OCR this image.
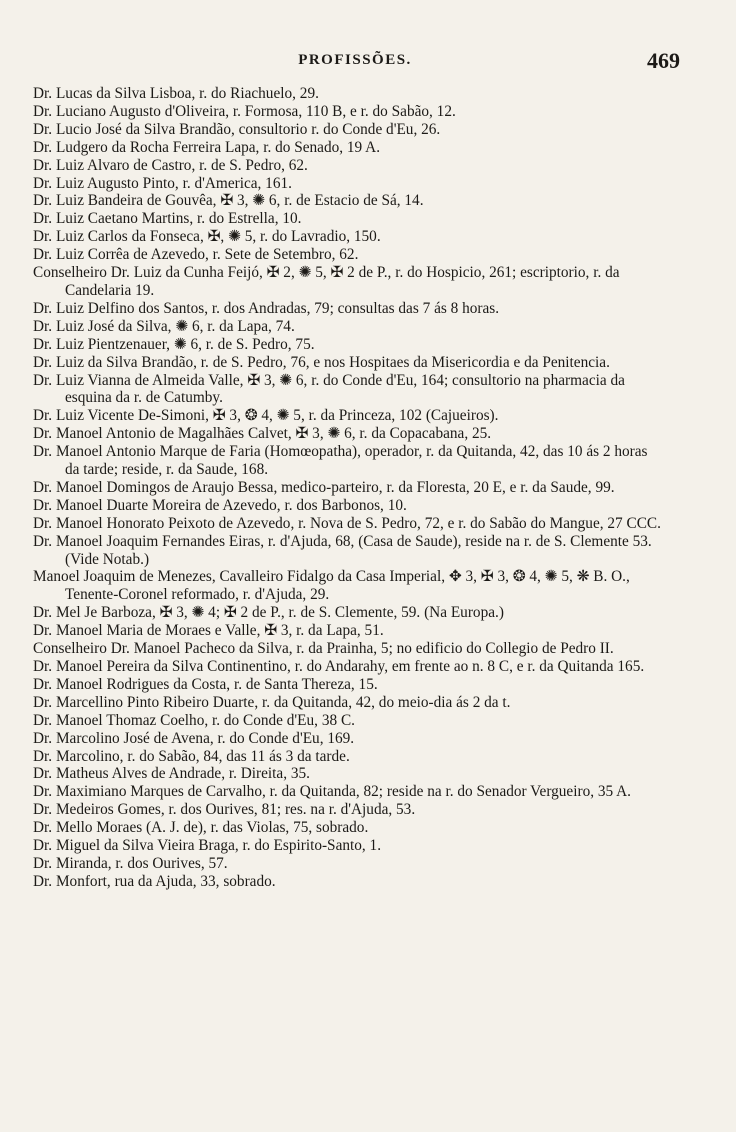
PROFISSÕES.	469
Dr. Lucas da Silva Lisboa, r. do Riachuelo, 29.
Dr. Luciano Augusto d'Oliveira, r. Formosa, 110 B, e r. do Sabão, 12.
Dr. Lucio José da Silva Brandão, consultorio r. do Conde d'Eu, 26.
Dr. Ludgero da Rocha Ferreira Lapa, r. do Senado, 19 A.
Dr. Luiz Alvaro de Castro, r. de S. Pedro, 62.
Dr. Luiz Augusto Pinto, r. d'America, 161.
Dr. Luiz Bandeira de Gouvêa, ✠ 3, ✺ 6, r. de Estacio de Sá, 14.
Dr. Luiz Caetano Martins, r. do Estrella, 10.
Dr. Luiz Carlos da Fonseca, ✠, ✺ 5, r. do Lavradio, 150.
Dr. Luiz Corrêa de Azevedo, r. Sete de Setembro, 62.
Conselheiro Dr. Luiz da Cunha Feijó, ✠ 2, ✺ 5, ✠ 2 de P., r. do Hospicio, 261; escriptorio, r. da Candelaria 19.
Dr. Luiz Delfino dos Santos, r. dos Andradas, 79; consultas das 7 ás 8 horas.
Dr. Luiz José da Silva, ✺ 6, r. da Lapa, 74.
Dr. Luiz Pientzenauer, ✺ 6, r. de S. Pedro, 75.
Dr. Luiz da Silva Brandão, r. de S. Pedro, 76, e nos Hospitaes da Misericordia e da Penitencia.
Dr. Luiz Vianna de Almeida Valle, ✠ 3, ✺ 6, r. do Conde d'Eu, 164; consultorio na pharmacia da esquina da r. de Catumby.
Dr. Luiz Vicente De-Simoni, ✠ 3, ❂ 4, ✺ 5, r. da Princeza, 102 (Cajueiros).
Dr. Manoel Antonio de Magalhães Calvet, ✠ 3, ✺ 6, r. da Copacabana, 25.
Dr. Manoel Antonio Marque de Faria (Homœopatha), operador, r. da Quitanda, 42, das 10 ás 2 horas da tarde; reside, r. da Saude, 168.
Dr. Manoel Domingos de Araujo Bessa, medico-parteiro, r. da Floresta, 20 E, e r. da Saude, 99.
Dr. Manoel Duarte Moreira de Azevedo, r. dos Barbonos, 10.
Dr. Manoel Honorato Peixoto de Azevedo, r. Nova de S. Pedro, 72, e r. do Sabão do Mangue, 27 CCC.
Dr. Manoel Joaquim Fernandes Eiras, r. d'Ajuda, 68, (Casa de Saude), reside na r. de S. Clemente 53. (Vide Notab.)
Manoel Joaquim de Menezes, Cavalleiro Fidalgo da Casa Imperial, ✥ 3, ✠ 3, ❂ 4, ✺ 5, ❋ B. O., Tenente-Coronel reformado, r. d'Ajuda, 29.
Dr. Mel Je Barboza, ✠ 3, ✺ 4; ✠ 2 de P., r. de S. Clemente, 59. (Na Europa.)
Dr. Manoel Maria de Moraes e Valle, ✠ 3, r. da Lapa, 51.
Conselheiro Dr. Manoel Pacheco da Silva, r. da Prainha, 5; no edificio do Collegio de Pedro II.
Dr. Manoel Pereira da Silva Continentino, r. do Andarahy, em frente ao n. 8 C, e r. da Quitanda 165.
Dr. Manoel Rodrigues da Costa, r. de Santa Thereza, 15.
Dr. Marcellino Pinto Ribeiro Duarte, r. da Quitanda, 42, do meio-dia ás 2 da t.
Dr. Manoel Thomaz Coelho, r. do Conde d'Eu, 38 C.
Dr. Marcolino José de Avena, r. do Conde d'Eu, 169.
Dr. Marcolino, r. do Sabão, 84, das 11 ás 3 da tarde.
Dr. Matheus Alves de Andrade, r. Direita, 35.
Dr. Maximiano Marques de Carvalho, r. da Quitanda, 82; reside na r. do Senador Vergueiro, 35 A.
Dr. Medeiros Gomes, r. dos Ourives, 81; res. na r. d'Ajuda, 53.
Dr. Mello Moraes (A. J. de), r. das Violas, 75, sobrado.
Dr. Miguel da Silva Vieira Braga, r. do Espirito-Santo, 1.
Dr. Miranda, r. dos Ourives, 57.
Dr. Monfort, rua da Ajuda, 33, sobrado.
